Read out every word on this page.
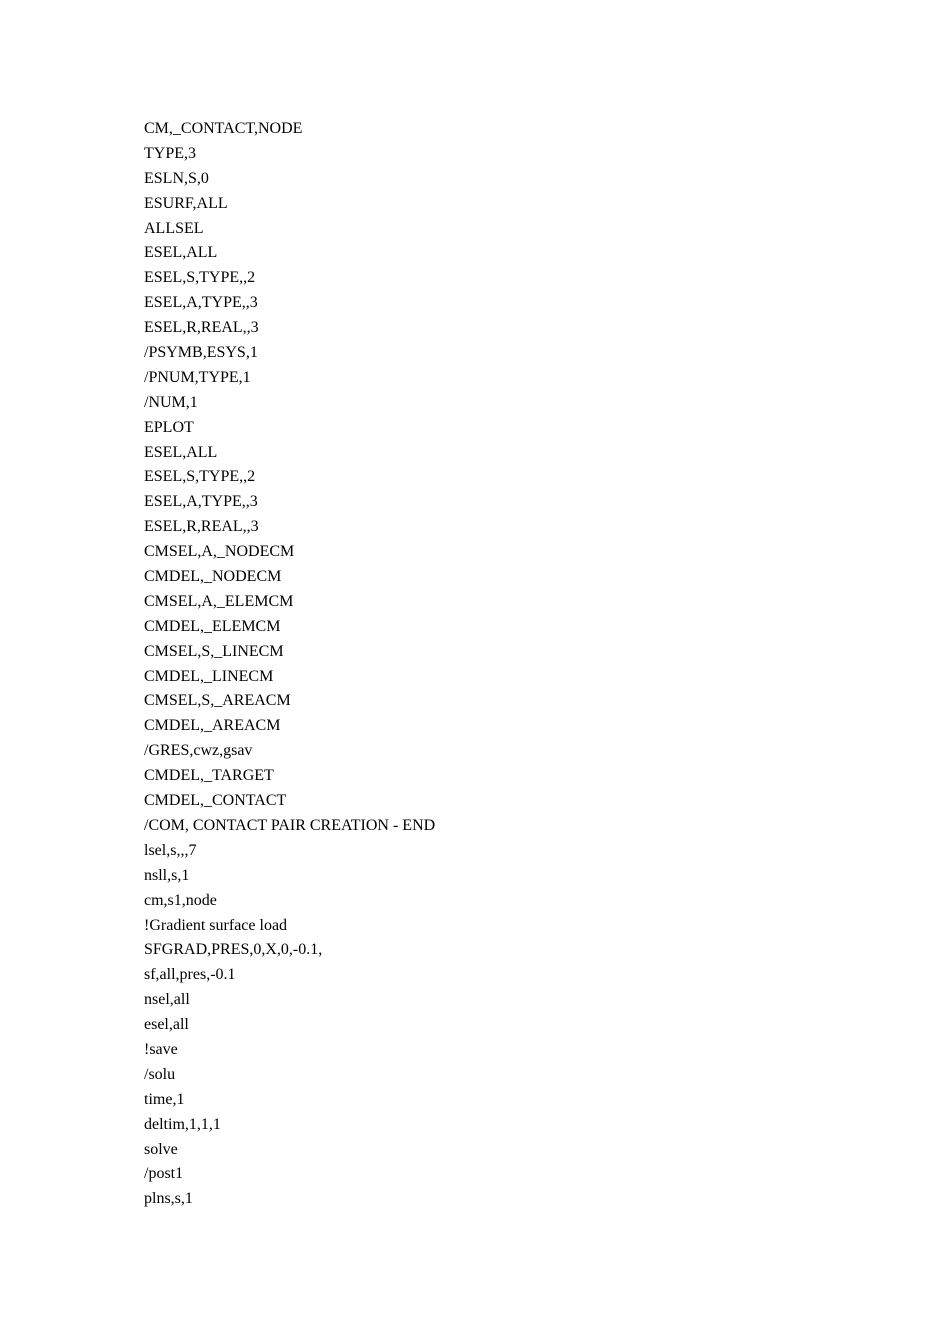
CM,_CONTACT,NODE
TYPE,3
ESLN,S,0
ESURF,ALL
ALLSEL
ESEL,ALL
ESEL,S,TYPE,,2
ESEL,A,TYPE,,3
ESEL,R,REAL,,3
/PSYMB,ESYS,1
/PNUM,TYPE,1
/NUM,1
EPLOT
ESEL,ALL
ESEL,S,TYPE,,2
ESEL,A,TYPE,,3
ESEL,R,REAL,,3
CMSEL,A,_NODECM
CMDEL,_NODECM
CMSEL,A,_ELEMCM
CMDEL,_ELEMCM
CMSEL,S,_LINECM
CMDEL,_LINECM
CMSEL,S,_AREACM
CMDEL,_AREACM
/GRES,cwz,gsav
CMDEL,_TARGET
CMDEL,_CONTACT
/COM, CONTACT PAIR CREATION - END
lsel,s,,,7
nsll,s,1
cm,s1,node
!Gradient surface load
SFGRAD,PRES,0,X,0,-0.1,
sf,all,pres,-0.1
nsel,all
esel,all
!save
/solu
time,1
deltim,1,1,1
solve
/post1
plns,s,1
